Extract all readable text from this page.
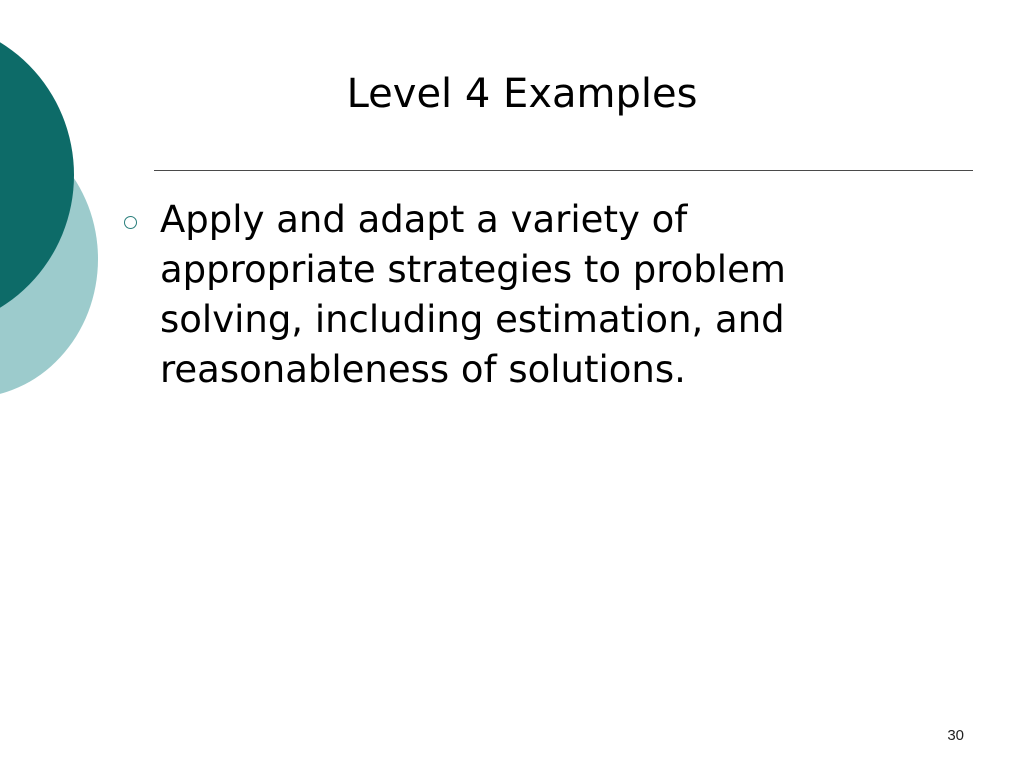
Level 4 Examples
Apply and adapt a variety of appropriate strategies to problem solving, including estimation, and reasonableness of solutions.
30
